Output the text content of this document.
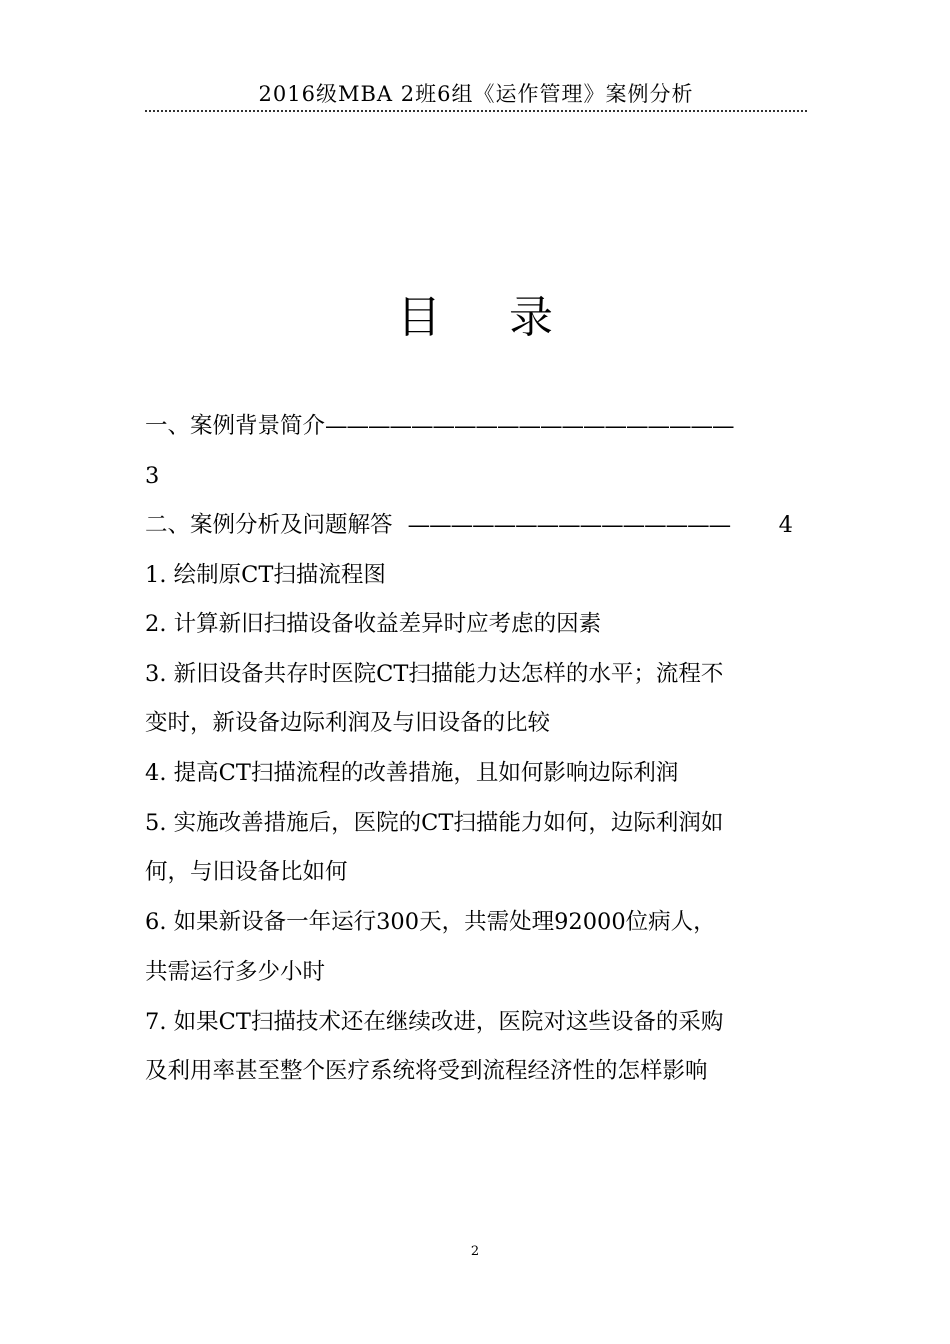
2016级MBA 2班6组《运作管理》案例分析
目 录
一、案例背景简介———————————————————
3
二、案例分析及问题解答 ——————————————— 4
1. 绘制原CT扫描流程图
2. 计算新旧扫描设备收益差异时应考虑的因素
3. 新旧设备共存时医院CT扫描能力达怎样的水平；流程不
变时，新设备边际利润及与旧设备的比较
4. 提高CT扫描流程的改善措施，且如何影响边际利润
5. 实施改善措施后，医院的CT扫描能力如何，边际利润如
何，与旧设备比如何
6. 如果新设备一年运行300天，共需处理92000位病人，
共需运行多少小时
7. 如果CT扫描技术还在继续改进，医院对这些设备的采购
及利用率甚至整个医疗系统将受到流程经济性的怎样影响
2
